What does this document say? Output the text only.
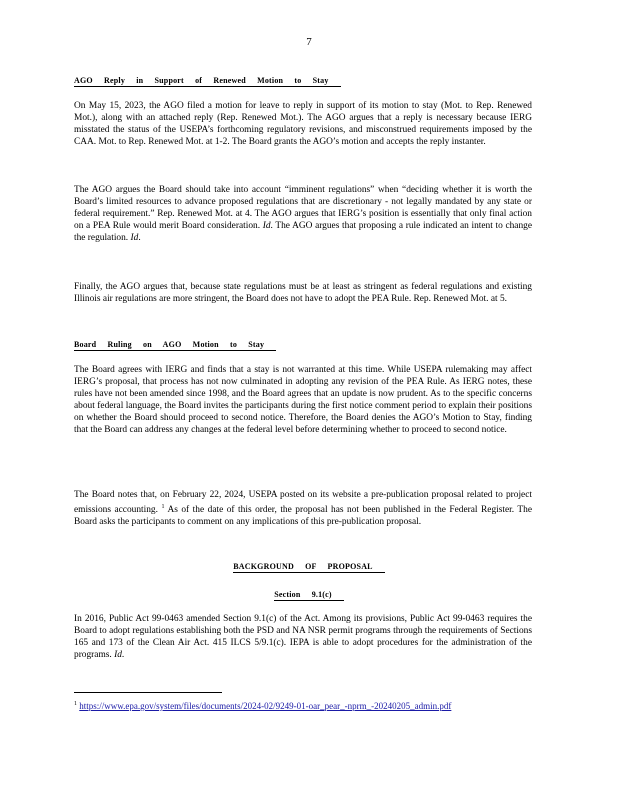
7
AGO Reply in Support of Renewed Motion to Stay

On May 15, 2023, the AGO filed a motion for leave to reply in support of its motion to stay (Mot. to Rep. Renewed Mot.), along with an attached reply (Rep. Renewed Mot.). The AGO argues that a reply is necessary because IERG misstated the status of the USEPA’s forthcoming regulatory revisions, and misconstrued requirements imposed by the CAA. Mot. to Rep. Renewed Mot. at 1-2. The Board grants the AGO’s motion and accepts the reply instanter.

The AGO argues the Board should take into account “imminent regulations” when “deciding whether it is worth the Board’s limited resources to advance proposed regulations that are discretionary - not legally mandated by any state or federal requirement.” Rep. Renewed Mot. at 4. The AGO argues that IERG’s position is essentially that only final action on a PEA Rule would merit Board consideration. Id. The AGO argues that proposing a rule indicated an intent to change the regulation. Id.

Finally, the AGO argues that, because state regulations must be at least as stringent as federal regulations and existing Illinois air regulations are more stringent, the Board does not have to adopt the PEA Rule. Rep. Renewed Mot. at 5.

Board Ruling on AGO Motion to Stay

The Board agrees with IERG and finds that a stay is not warranted at this time. While USEPA rulemaking may affect IERG’s proposal, that process has not now culminated in adopting any revision of the PEA Rule. As IERG notes, these rules have not been amended since 1998, and the Board agrees that an update is now prudent. As to the specific concerns about federal language, the Board invites the participants during the first notice comment period to explain their positions on whether the Board should proceed to second notice. Therefore, the Board denies the AGO’s Motion to Stay, finding that the Board can address any changes at the federal level before determining whether to proceed to second notice.

The Board notes that, on February 22, 2024, USEPA posted on its website a pre-publication proposal related to project emissions accounting. $^1$ As of the date of this order, the proposal has not been published in the Federal Register. The Board asks the participants to comment on any implications of this pre-publication proposal.

BACKGROUND OF PROPOSAL
Section 9.1(c)

In 2016, Public Act 99-0463 amended Section 9.1(c) of the Act. Among its provisions, Public Act 99-0463 requires the Board to adopt regulations establishing both the PSD and NA NSR permit programs through the requirements of Sections 165 and 173 of the Clean Air Act. 415 ILCS 5/9.1(c). IEPA is able to adopt procedures for the administration of the programs. Id.

$^1$ https://www.epa.gov/system/files/documents/2024-02/9249-01-oar_pear_-nprm_-20240205_admin.pdf
